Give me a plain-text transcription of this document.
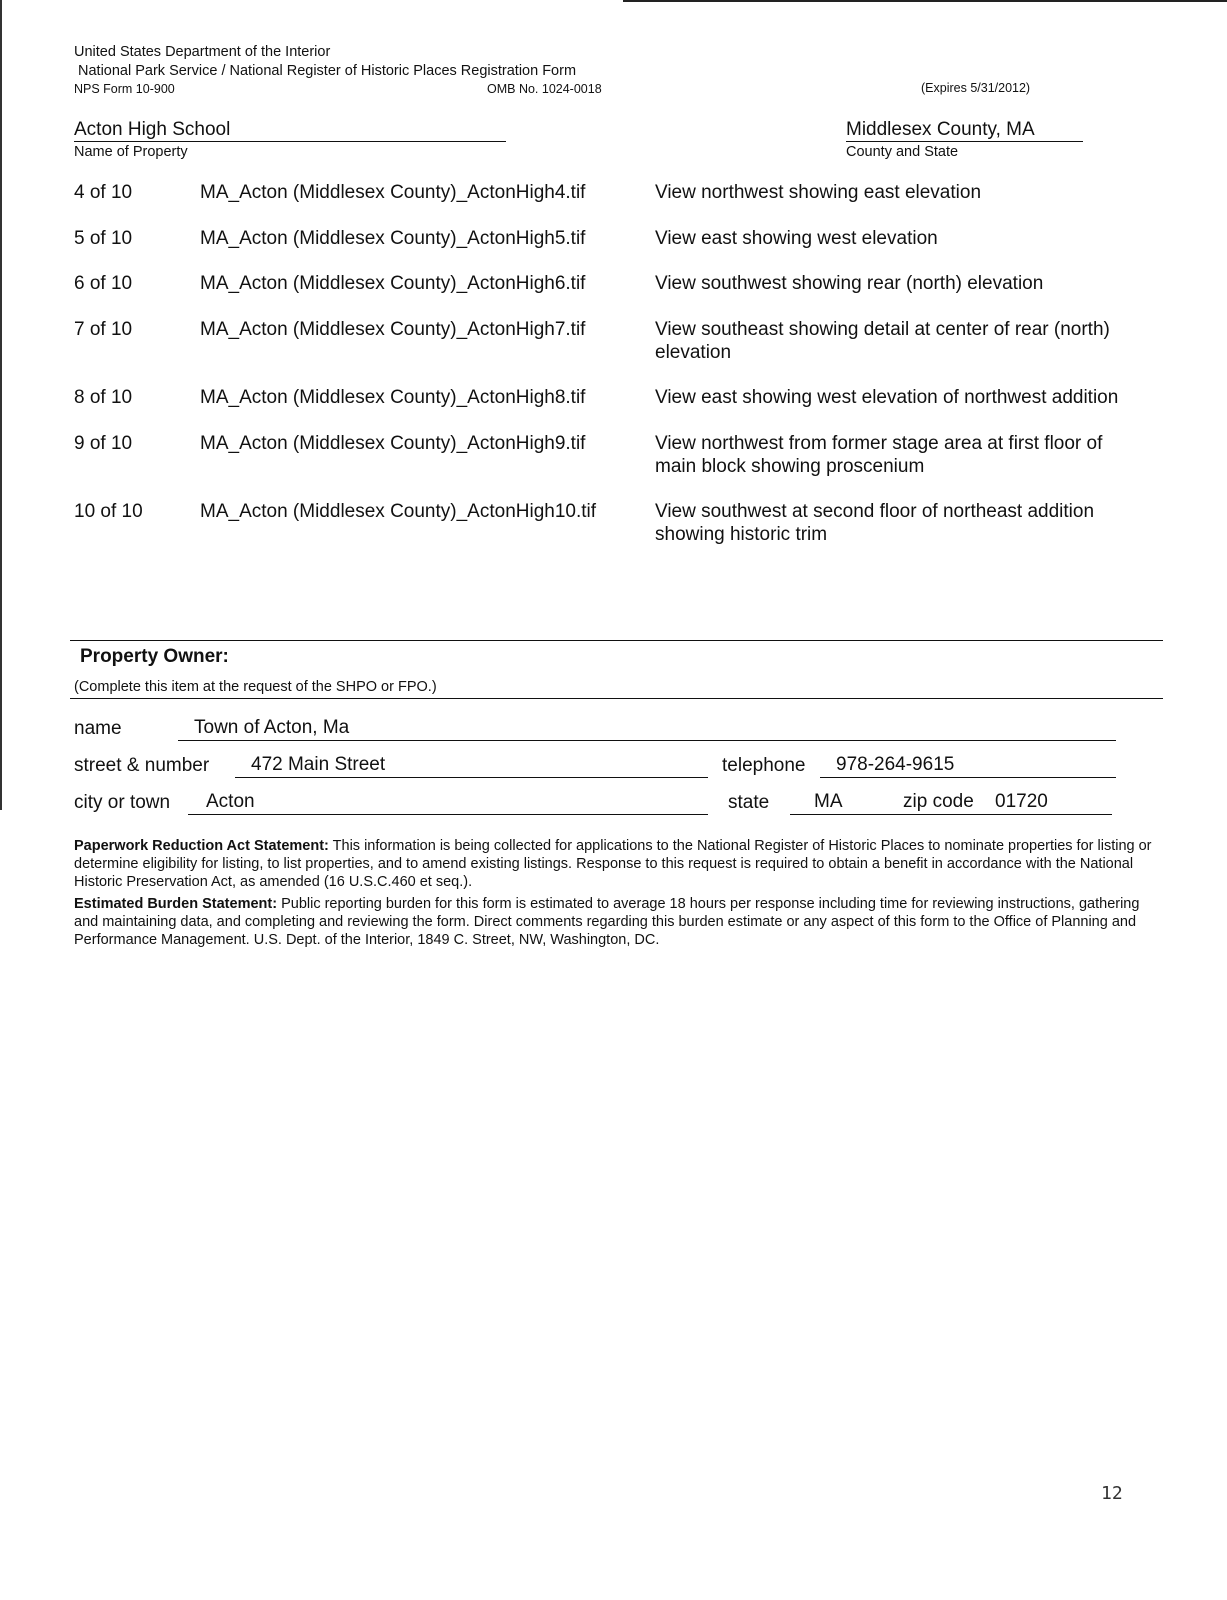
United States Department of the Interior
National Park Service / National Register of Historic Places Registration Form
NPS Form 10-900	OMB No. 1024-0018	(Expires 5/31/2012)
Acton High School
Name of Property
Middlesex County, MA
County and State
4 of 10	MA_Acton (Middlesex County)_ActonHigh4.tif	View northwest showing east elevation
5 of 10	MA_Acton (Middlesex County)_ActonHigh5.tif	View east showing west elevation
6 of 10	MA_Acton (Middlesex County)_ActonHigh6.tif	View southwest showing rear (north) elevation
7 of 10	MA_Acton (Middlesex County)_ActonHigh7.tif	View southeast showing detail at center of rear (north) elevation
8 of 10	MA_Acton (Middlesex County)_ActonHigh8.tif	View east showing west elevation of northwest addition
9 of 10	MA_Acton (Middlesex County)_ActonHigh9.tif	View northwest from former stage area at first floor of main block showing proscenium
10 of 10	MA_Acton (Middlesex County)_ActonHigh10.tif	View southwest at second floor of northeast addition showing historic trim
Property Owner:
(Complete this item at the request of the SHPO or FPO.)
name	Town of Acton, Ma
street & number	472 Main Street	telephone	978-264-9615
city or town	Acton	state MA	zip code 01720
Paperwork Reduction Act Statement: This information is being collected for applications to the National Register of Historic Places to nominate properties for listing or determine eligibility for listing, to list properties, and to amend existing listings. Response to this request is required to obtain a benefit in accordance with the National Historic Preservation Act, as amended (16 U.S.C.460 et seq.).
Estimated Burden Statement: Public reporting burden for this form is estimated to average 18 hours per response including time for reviewing instructions, gathering and maintaining data, and completing and reviewing the form. Direct comments regarding this burden estimate or any aspect of this form to the Office of Planning and Performance Management. U.S. Dept. of the Interior, 1849 C. Street, NW, Washington, DC.
12
